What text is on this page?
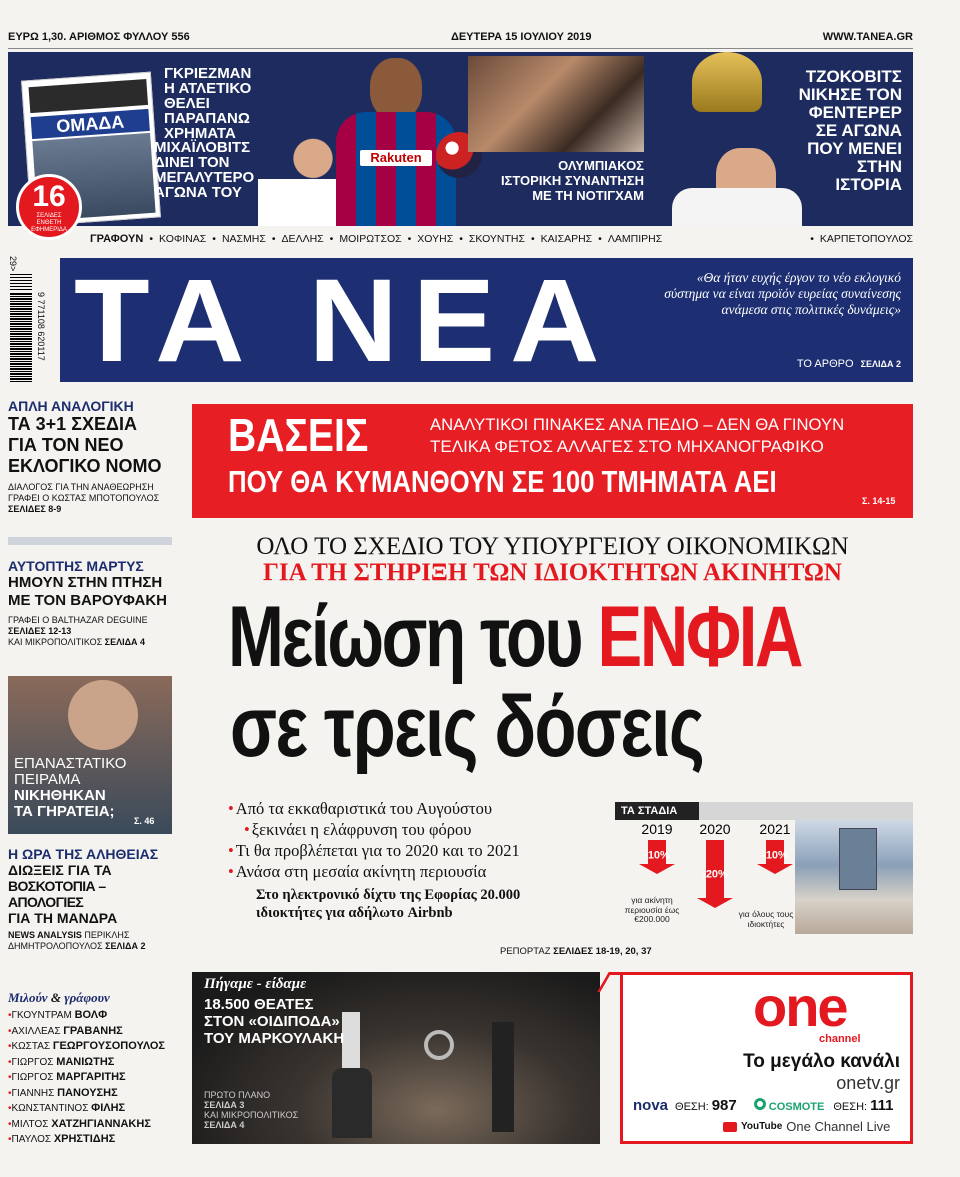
ΕΥΡΩ 1,30. ΑΡΙΘΜΟΣ ΦΥΛΛΟΥ 556	ΔΕΥΤΕΡΑ 15 ΙΟΥΛΙΟΥ 2019	WWW.TANEA.GR
ΟΜΑΔΑ
16
ΣΕΛΙΔΕΣ ΕΝΘΕΤΗ ΕΦΗΜΕΡΙΔΑ
ΓΚΡΙΕΖΜΑΝ
Η ΑΤΛΕΤΙΚΟ
ΘΕΛΕΙ ΠΑΡΑΠΑΝΩ
ΧΡΗΜΑΤΑ
ΜΙΧΑΪΛΟΒΙΤΣ
ΔΙΝΕΙ ΤΟΝ
ΜΕΓΑΛΥΤΕΡΟ
ΑΓΩΝΑ ΤΟΥ
Rakuten
ΟΛΥΜΠΙΑΚΟΣ
ΙΣΤΟΡΙΚΗ ΣΥΝΑΝΤΗΣΗ
ΜΕ ΤΗ ΝΟΤΙΓΧΑΜ
ΤΖΟΚΟΒΙΤΣ
ΝΙΚΗΣΕ ΤΟΝ
ΦΕΝΤΕΡΕΡ
ΣΕ ΑΓΩΝΑ
ΠΟΥ ΜΕΝΕΙ
ΣΤΗΝ ΙΣΤΟΡΙΑ
ΓΡΑΦΟΥΝ • ΚΟΦΙΝΑΣ • ΝΑΣΜΗΣ • ΔΕΛΛΗΣ • ΜΟΙΡΩΤΣΟΣ • ΧΟΥΗΣ • ΣΚΟΥΝΤΗΣ • ΚΑΙΣΑΡΗΣ • ΛΑΜΠΙΡΗΣ	• ΚΑΡΠΕΤΟΠΟΥΛΟΣ
29>
9 771108 620117 ΤΑ ΝΕΑ	«Θα ήταν ευχής έργον το νέο εκλογικό σύστημα να είναι προϊόν ευρείας συναίνεσης ανάμεσα στις πολιτικές δυνάμεις»
ΤΟ ΑΡΘΡΟ ΣΕΛΙΔΑ 2
ΑΠΛΗ ΑΝΑΛΟΓΙΚΗ
ΤΑ 3+1 ΣΧΕΔΙΑ
ΓΙΑ ΤΟΝ ΝΕΟ
ΕΚΛΟΓΙΚΟ ΝΟΜΟ
ΔΙΑΛΟΓΟΣ ΓΙΑ ΤΗΝ ΑΝΑΘΕΩΡΗΣΗ
ΓΡΑΦΕΙ Ο ΚΩΣΤΑΣ ΜΠΟΤΟΠΟΥΛΟΣ
ΣΕΛΙΔΕΣ 8-9
ΑΥΤΟΠΤΗΣ ΜΑΡΤΥΣ
ΗΜΟΥΝ ΣΤΗΝ ΠΤΗΣΗ
ΜΕ ΤΟΝ ΒΑΡΟΥΦΑΚΗ
ΓΡΑΦΕΙ Ο BALTHAZAR DEGUINE
ΣΕΛΙΔΕΣ 12-13
ΚΑΙ ΜΙΚΡΟΠΟΛΙΤΙΚΟΣ ΣΕΛΙΔΑ 4
ΕΠΑΝΑΣΤΑΤΙΚΟ
ΠΕΙΡΑΜΑ
ΝΙΚΗΘΗΚΑΝ
ΤΑ ΓΗΡΑΤΕΙΑ;
Σ. 46
Η ΩΡΑ ΤΗΣ ΑΛΗΘΕΙΑΣ
ΔΙΩΞΕΙΣ ΓΙΑ ΤΑ
ΒΟΣΚΟΤΟΠΙΑ – ΑΠΟΛΟΓΙΕΣ
ΓΙΑ ΤΗ ΜΑΝΔΡΑ
NEWS ANALYSIS ΠΕΡΙΚΛΗΣ
ΔΗΜΗΤΡΟΛΟΠΟΥΛΟΣ ΣΕΛΙΔΑ 2
Μιλούν & γράφουν
•ΓΚΟΥΝΤΡΑΜ ΒΟΛΦ
•ΑΧΙΛΛΕΑΣ ΓΡΑΒΑΝΗΣ
•ΚΩΣΤΑΣ ΓΕΩΡΓΟΥΣΟΠΟΥΛΟΣ
•ΓΙΩΡΓΟΣ ΜΑΝΙΩΤΗΣ
•ΓΙΩΡΓΟΣ ΜΑΡΓΑΡΙΤΗΣ
•ΓΙΑΝΝΗΣ ΠΑΝΟΥΣΗΣ
•ΚΩΝΣΤΑΝΤΙΝΟΣ ΦΙΛΗΣ
•ΜΙΛΤΟΣ ΧΑΤΖΗΓΙΑΝΝΑΚΗΣ
•ΠΑΥΛΟΣ ΧΡΗΣΤΙΔΗΣ
ΒΑΣΕΙΣ	ΑΝΑΛΥΤΙΚΟΙ ΠΙΝΑΚΕΣ ΑΝΑ ΠΕΔΙΟ – ΔΕΝ ΘΑ ΓΙΝΟΥΝ
ΤΕΛΙΚΑ ΦΕΤΟΣ ΑΛΛΑΓΕΣ ΣΤΟ ΜΗΧΑΝΟΓΡΑΦΙΚΟ
ΠΟΥ ΘΑ ΚΥΜΑΝΘΟΥΝ ΣΕ 100 ΤΜΗΜΑΤΑ ΑΕΙ
Σ. 14-15
ΟΛΟ ΤΟ ΣΧΕΔΙΟ ΤΟΥ ΥΠΟΥΡΓΕΙΟΥ ΟΙΚΟΝΟΜΙΚΩΝ
ΓΙΑ ΤΗ ΣΤΗΡΙΞΗ ΤΩΝ ΙΔΙΟΚΤΗΤΩΝ ΑΚΙΝΗΤΩΝ
Μείωση του ΕΝΦΙΑ
σε τρεις δόσεις
• Από τα εκκαθαριστικά του Αυγούστου
• ξεκινάει η ελάφρυνση του φόρου
• Τι θα προβλέπεται για το 2020 και το 2021
• Ανάσα στη μεσαία ακίνητη περιουσία
Στο ηλεκτρονικό δίχτυ της Εφορίας 20.000
ιδιοκτήτες για αδήλωτο Airbnb
ΡΕΠΟΡΤΑΖ ΣΕΛΙΔΕΣ 18-19, 20, 37
ΤΑ ΣΤΑΔΙΑ
2019
-10%
2020
-20%
2021
-10%
για ακίνητη περιουσία έως €200.000	για όλους τους ιδιοκτήτες
Πήγαμε - είδαμε
18.500 ΘΕΑΤΕΣ
ΣΤΟΝ «ΟΙΔΙΠΟΔΑ»
ΤΟΥ ΜΑΡΚΟΥΛΑΚΗ
ΠΡΩΤΟ ΠΛΑΝΟ
ΣΕΛΙΔΑ 3
ΚΑΙ ΜΙΚΡΟΠΟΛΙΤΙΚΟΣ
ΣΕΛΙΔΑ 4
one
channel
Το μεγάλο κανάλι
onetv.gr
nova ΘΕΣΗ: 987	COSMOTE ΘΕΣΗ: 111
YouTube One Channel Live
